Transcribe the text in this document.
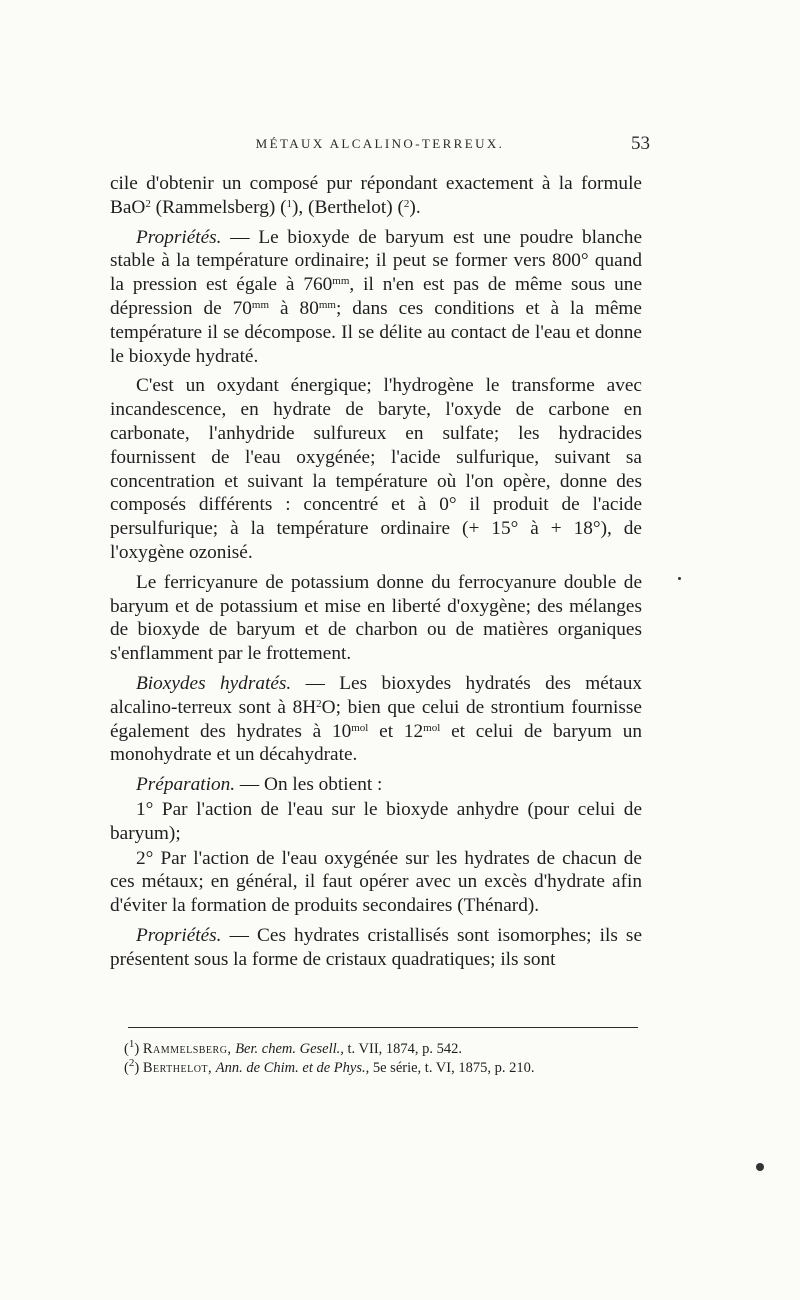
MÉTAUX ALCALINO-TERREUX.	53

cile d'obtenir un composé pur répondant exactement à la formule BaO$^2$ (Rammelsberg) ($^1$), (Berthelot) ($^2$).

Propriétés. — Le bioxyde de baryum est une poudre blanche stable à la température ordinaire; il peut se former vers 800° quand la pression est égale à $760^{mm}$, il n'en est pas de même sous une dépression de $70^{mm}$ à $80^{mm}$; dans ces conditions et à la même température il se décompose. Il se délite au contact de l'eau et donne le bioxyde hydraté.

C'est un oxydant énergique; l'hydrogène le transforme avec incandescence, en hydrate de baryte, l'oxyde de carbone en carbonate, l'anhydride sulfureux en sulfate; les hydracides fournissent de l'eau oxygénée; l'acide sulfurique, suivant sa concentration et suivant la température où l'on opère, donne des composés différents : concentré et à 0° il produit de l'acide persulfurique; à la température ordinaire (+ 15° à + 18°), de l'oxygène ozonisé.

Le ferricyanure de potassium donne du ferrocyanure double de baryum et de potassium et mise en liberté d'oxygène; des mélanges de bioxyde de baryum et de charbon ou de matières organiques s'enflamment par le frottement.

Bioxydes hydratés. — Les bioxydes hydratés des métaux alcalino-terreux sont à $8H^2O$; bien que celui de strontium fournisse également des hydrates à $10^{mol}$ et $12^{mol}$ et celui de baryum un monohydrate et un décahydrate.

Préparation. — On les obtient :

1° Par l'action de l'eau sur le bioxyde anhydre (pour celui de baryum);

2° Par l'action de l'eau oxygénée sur les hydrates de chacun de ces métaux; en général, il faut opérer avec un excès d'hydrate afin d'éviter la formation de produits secondaires (Thénard).

Propriétés. — Ces hydrates cristallisés sont isomorphes; ils se présentent sous la forme de cristaux quadratiques; ils sont

($^1$) Rammelsberg, Ber. chem. Gesell., t. VII, 1874, p. 542.
($^2$) Berthelot, Ann. de Chim. et de Phys., 5e série, t. VI, 1875, p. 210.
